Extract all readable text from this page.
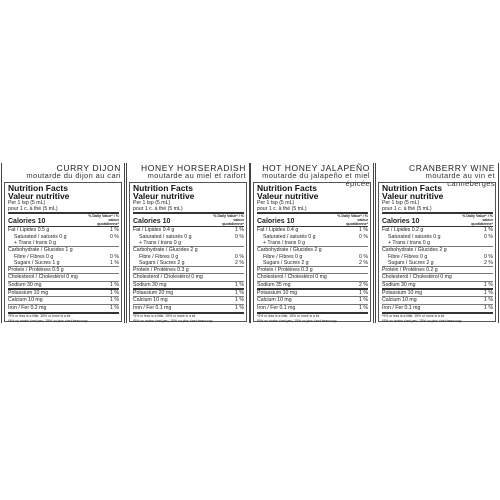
CURRY DIJON
moutarde du dijon au cari
Nutrition Facts
Valeur nutritive
Per 1 tsp (5 mL)
pour 1 c. à thé (5 mL)
Calories 10
% Daily Value* / % valeur quotidienne*
Fat / Lipides 0.5 g	1 %
Saturated / saturés 0 g	0 %
+ Trans / trans 0 g
Carbohydrate / Glucides 1 g
Fibre / Fibres 0 g	0 %
Sugars / Sucres 1 g	1 %
Protein / Protéines 0.5 g
Cholesterol / Cholestérol 0 mg
Sodium 30 mg	1 %
Potassium 10 mg	1 %
Calcium 10 mg	1 %
Iron / Fer 0.2 mg	1 %
*5% or less is a little, 15% or more is a lot
*5% ou moins c'est peu, 15% ou plus c'est beaucoup
HONEY HORSERADISH
moutarde au miel et raifort
Nutrition Facts
Valeur nutritive
Per 1 tsp (5 mL)
pour 1 c. à thé (5 mL)
Calories 10
% Daily Value* / % valeur quotidienne*
Fat / Lipides 0.4 g	1 %
Saturated / saturés 0 g	0 %
+ Trans / trans 0 g
Carbohydrate / Glucides 2 g
Fibre / Fibres 0 g	0 %
Sugars / Sucres 2 g	2 %
Protein / Protéines 0.3 g
Cholesterol / Cholestérol 0 mg
Sodium 30 mg	1 %
Potassium 20 mg	1 %
Calcium 10 mg	1 %
Iron / Fer 0.1 mg	1 %
*5% or less is a little, 15% or more is a lot
*5% ou moins c'est peu, 15% ou plus c'est beaucoup
HOT HONEY JALAPEÑO
moutarde du jalapeño et miel épicée
Nutrition Facts
Valeur nutritive
Per 1 tsp (5 mL)
pour 1 c. à thé (5 mL)
Calories 10
% Daily Value* / % valeur quotidienne*
Fat / Lipides 0.4 g	1 %
Saturated / saturés 0 g	0 %
+ Trans / trans 0 g
Carbohydrate / Glucides 2 g
Fibre / Fibres 0 g	0 %
Sugars / Sucres 2 g	2 %
Protein / Protéines 0.3 g
Cholesterol / Cholestérol 0 mg
Sodium 35 mg	2 %
Potassium 10 mg	1 %
Calcium 10 mg	1 %
Iron / Fer 0.1 mg	1 %
*5% or less is a little, 15% or more is a lot
*5% ou moins c'est peu, 15% ou plus c'est beaucoup
CRANBERRY WINE
moutarde au vin et canneberges
Nutrition Facts
Valeur nutritive
Per 1 tsp (5 mL)
pour 1 c. à thé (5 mL)
Calories 10
% Daily Value* / % valeur quotidienne*
Fat / Lipides 0.2 g	1 %
Saturated / saturés 0 g	0 %
+ Trans / trans 0 g
Carbohydrate / Glucides 2 g
Fibre / Fibres 0 g	0 %
Sugars / Sucres 2 g	2 %
Protein / Protéines 0.2 g
Cholesterol / Cholestérol 0 mg
Sodium 30 mg	1 %
Potassium 10 mg	1 %
Calcium 10 mg	1 %
Iron / Fer 0.1 mg	1 %
*5% or less is a little, 15% or more is a lot
*5% ou moins c'est peu, 15% ou plus c'est beaucoup
